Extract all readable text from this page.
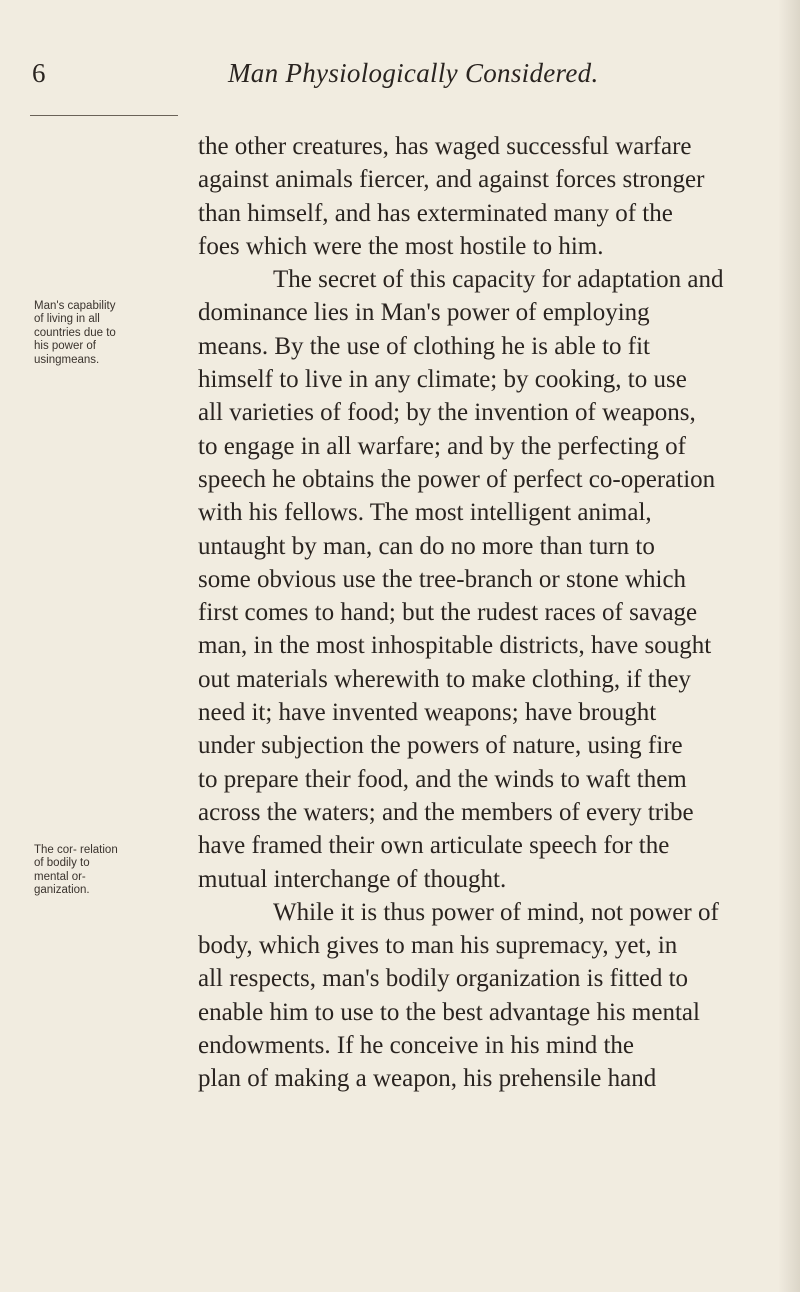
6	Man Physiologically Considered.

Man's capability of living in all countries due to his power of usingmeans.

The cor- relation of bodily to mental or- ganization.

the other creatures, has waged successful warfare
against animals fiercer, and against forces stronger
than himself, and has exterminated many of the
foes which were the most hostile to him.
The secret of this capacity for adaptation and
dominance lies in Man's power of employing
means. By the use of clothing he is able to fit
himself to live in any climate; by cooking, to use
all varieties of food; by the invention of weapons,
to engage in all warfare; and by the perfecting of
speech he obtains the power of perfect co-operation
with his fellows. The most intelligent animal,
untaught by man, can do no more than turn to
some obvious use the tree-branch or stone which
first comes to hand; but the rudest races of savage
man, in the most inhospitable districts, have sought
out materials wherewith to make clothing, if they
need it; have invented weapons; have brought
under subjection the powers of nature, using fire
to prepare their food, and the winds to waft them
across the waters; and the members of every tribe
have framed their own articulate speech for the
mutual interchange of thought.
While it is thus power of mind, not power of
body, which gives to man his supremacy, yet, in
all respects, man's bodily organization is fitted to
enable him to use to the best advantage his mental
endowments. If he conceive in his mind the
plan of making a weapon, his prehensile hand
